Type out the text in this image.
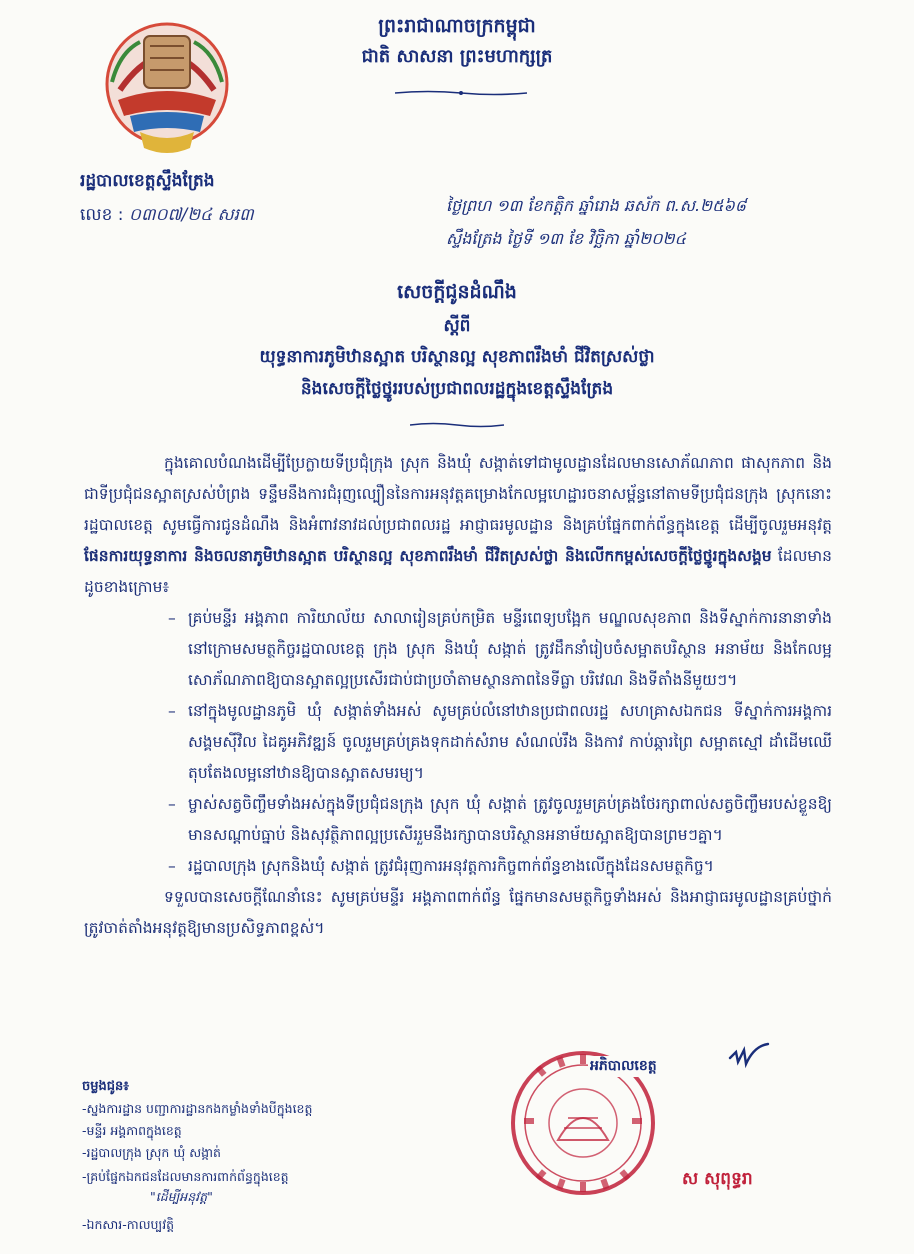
ព្រះរាជាណាចក្រកម្ពុជា
ជាតិ សាសនា ព្រះមហាក្សត្រ
រដ្ឋបាលខេត្តស្ទឹងត្រែង
លេខ : ០៣០៧/២៤ សរ៣	ថ្ងៃព្រហ ១៣ ខែកត្តិក ឆ្នាំរោង ឆស័ក ព.ស.២៥៦៨
ស្ទឹងត្រែង ថ្ងៃទី ១៣ ខែ វិច្ឆិកា ឆ្នាំ២០២៤
សេចក្តីជូនដំណឹង
ស្តីពី
យុទ្ធនាការភូមិឋានស្អាត បរិស្ថានល្អ សុខភាពរឹងមាំ ជីវិតស្រស់ថ្លា
និងសេចក្តីថ្លៃថ្នូររបស់ប្រជាពលរដ្ឋក្នុងខេត្តស្ទឹងត្រែង

ក្នុងគោលបំណងដើម្បីប្រែក្លាយទីប្រជុំក្រុង ស្រុក និងឃុំ សង្កាត់ទៅជាមូលដ្ឋានដែលមានសោភ័ណភាព ផាសុកភាព និងជាទីប្រជុំជនស្អាតស្រស់បំព្រង ទន្ទឹមនឹងការជំរុញល្បឿននៃការអនុវត្តគម្រោងកែលម្អហេដ្ឋារចនាសម្ព័ន្ធនៅតាមទីប្រជុំជនក្រុង ស្រុកនោះ រដ្ឋបាលខេត្ត សូមធ្វើការជូនដំណឹង និងអំពាវនាវដល់ប្រជាពលរដ្ឋ អាជ្ញាធរមូលដ្ឋាន និងគ្រប់ផ្នែកពាក់ព័ន្ធក្នុងខេត្ត ដើម្បីចូលរួមអនុវត្ត ផែនការយុទ្ធនាការ និងចលនាភូមិឋានស្អាត បរិស្ថានល្អ សុខភាពរឹងមាំ ជីវិតស្រស់ថ្លា និងលើកកម្ពស់សេចក្តីថ្លៃថ្នូរក្នុងសង្គម ដែលមានដូចខាងក្រោម៖

– គ្រប់មន្ទីរ អង្គភាព ការិយាល័យ សាលារៀនគ្រប់កម្រិត មន្ទីរពេទ្យបង្អែក មណ្ឌលសុខភាព និងទីស្នាក់ការនានាទាំងនៅក្រោមសមត្ថកិច្ចរដ្ឋបាលខេត្ត ក្រុង ស្រុក និងឃុំ សង្កាត់ ត្រូវដឹកនាំរៀបចំសម្អាតបរិស្ថាន អនាម័យ និងកែលម្អសោភ័ណភាពឱ្យបានស្អាតល្អប្រសើរជាប់ជាប្រចាំតាមស្ថានភាពនៃទីធ្លា បរិវេណ និងទីតាំងនីមួយៗ។
– នៅក្នុងមូលដ្ឋានភូមិ ឃុំ សង្កាត់ទាំងអស់ សូមគ្រប់លំនៅឋានប្រជាពលរដ្ឋ សហគ្រាសឯកជន ទីស្នាក់ការអង្គការសង្គមស៊ីវិល ដៃគូអភិវឌ្ឍន៍ ចូលរួមគ្រប់គ្រងទុកដាក់សំរាម សំណល់រឹង និងកាវ កាប់ឆ្ការព្រៃ សម្អាតស្មៅ ដាំដើមឈើ តុបតែងលម្អនៅឋានឱ្យបានស្អាតសមរម្យ។
– ម្ចាស់សត្វចិញ្ចឹមទាំងអស់ក្នុងទីប្រជុំជនក្រុង ស្រុក ឃុំ សង្កាត់ ត្រូវចូលរួមគ្រប់គ្រងថែរក្សាពាល់សត្វចិញ្ចឹមរបស់ខ្លួនឱ្យមានសណ្តាប់ធ្នាប់ និងសុវត្ថិភាពល្អប្រសើររួមនឹងរក្សាបានបរិស្ថានអនាម័យស្អាតឱ្យបានព្រមៗគ្នា។
– រដ្ឋបាលក្រុង ស្រុកនិងឃុំ សង្កាត់ ត្រូវជំរុញការអនុវត្តការកិច្ចពាក់ព័ន្ធខាងលើក្នុងដែនសមត្ថកិច្ច។

ទទួលបានសេចក្តីណែនាំនេះ សូមគ្រប់មន្ទីរ អង្គភាពពាក់ព័ន្ធ ផ្នែកមានសមត្ថកិច្ចទាំងអស់ និងអាជ្ញាធរមូលដ្ឋានគ្រប់ថ្នាក់ ត្រូវចាត់តាំងអនុវត្តឱ្យមានប្រសិទ្ធភាពខ្ពស់។

ចម្លងជូន៖
-ស្នងការដ្ឋាន បញ្ជាការដ្ឋានកងកម្លាំងទាំងបីក្នុងខេត្ត
-មន្ទីរ អង្គភាពក្នុងខេត្ត
-រដ្ឋបាលក្រុង ស្រុក ឃុំ សង្កាត់
-គ្រប់ផ្នែកឯកជនដែលមានការពាក់ព័ន្ធក្នុងខេត្ត
"ដើម្បីអនុវត្ត"
-ឯកសារ-កាលប្បវត្តិ
អភិបាលខេត្ត
ស សុពុទ្ធរា
